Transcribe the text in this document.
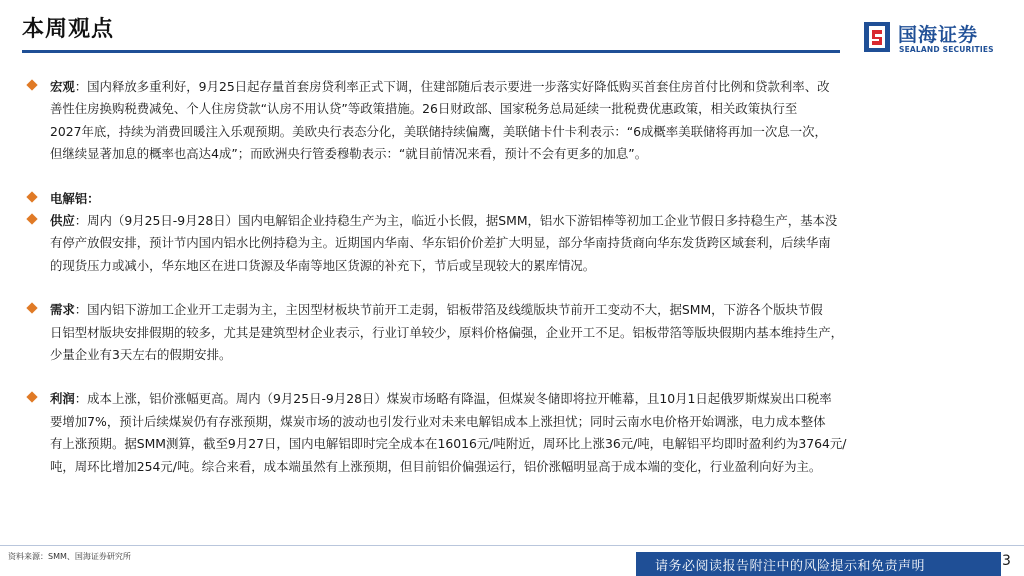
本周观点	国海证券
SEALAND SECURITIES
宏观：国内释放多重利好，9月25日起存量首套房贷利率正式下调，住建部随后表示要进一步落实好降低购买首套住房首付比例和贷款利率、改
善性住房换购税费减免、个人住房贷款“认房不用认贷”等政策措施。26日财政部、国家税务总局延续一批税费优惠政策，相关政策执行至
2027年底，持续为消费回暖注入乐观预期。美欧央行表态分化，美联储持续偏鹰，美联储卡什卡利表示：“6成概率美联储将再加一次息一次，
但继续显著加息的概率也高达4成”；而欧洲央行管委穆勒表示：“就目前情况来看，预计不会有更多的加息”。
电解铝：
供应：周内（9月25日-9月28日）国内电解铝企业持稳生产为主，临近小长假，据SMM，铝水下游铝棒等初加工企业节假日多持稳生产，基本没
有停产放假安排，预计节内国内铝水比例持稳为主。近期国内华南、华东铝价价差扩大明显，部分华南持货商向华东发货跨区域套利，后续华南
的现货压力或减小，华东地区在进口货源及华南等地区货源的补充下，节后或呈现较大的累库情况。
需求：国内铝下游加工企业开工走弱为主，主因型材板块节前开工走弱，铝板带箔及线缆版块节前开工变动不大，据SMM，下游各个版块节假
日铝型材版块安排假期的较多，尤其是建筑型材企业表示，行业订单较少，原料价格偏强，企业开工不足。铝板带箔等版块假期内基本维持生产，
少量企业有3天左右的假期安排。
利润：成本上涨，铝价涨幅更高。周内（9月25日-9月28日）煤炭市场略有降温，但煤炭冬储即将拉开帷幕，且10月1日起俄罗斯煤炭出口税率
要增加7%，预计后续煤炭仍有存涨预期，煤炭市场的波动也引发行业对未来电解铝成本上涨担忧；同时云南水电价格开始调涨，电力成本整体
有上涨预期。据SMM测算，截至9月27日，国内电解铝即时完全成本在16016元/吨附近，周环比上涨36元/吨，电解铝平均即时盈利约为3764元/
吨，周环比增加254元/吨。综合来看，成本端虽然有上涨预期，但目前铝价偏强运行，铝价涨幅明显高于成本端的变化，行业盈利向好为主。
资料来源：SMM、国海证券研究所
请务必阅读报告附注中的风险提示和免责声明	3
